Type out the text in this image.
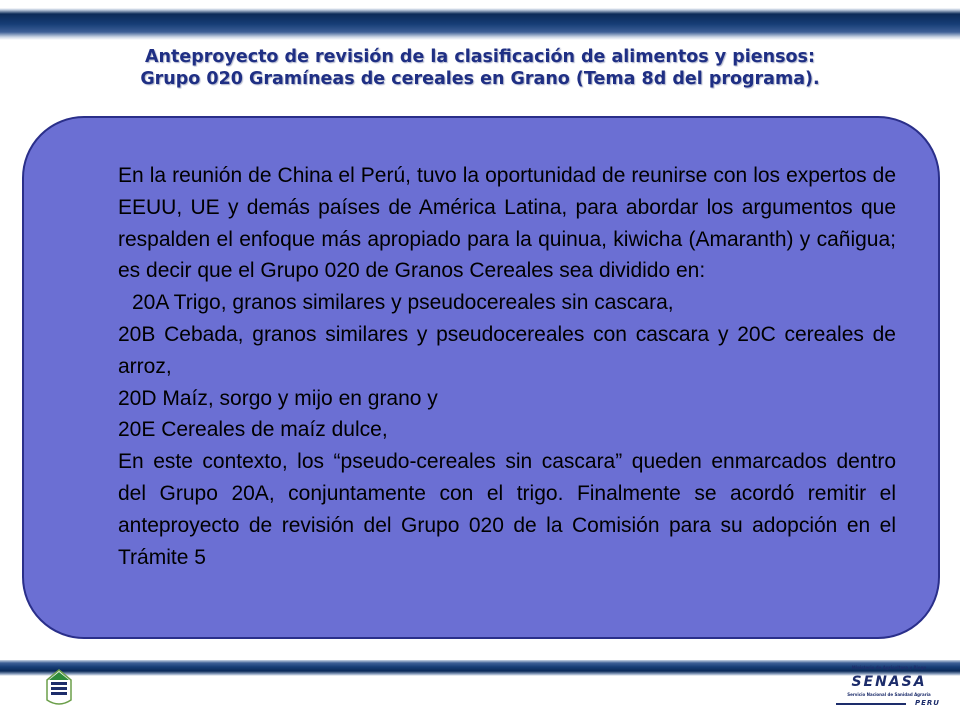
Anteproyecto de revisión de la clasificación de alimentos y piensos:
Grupo 020 Gramíneas de cereales en Grano (Tema 8d del programa).

En la reunión de China el Perú, tuvo la oportunidad de reunirse con los expertos de EEUU, UE y demás países de América Latina, para abordar los argumentos que respalden el enfoque más apropiado para la quinua, kiwicha (Amaranth) y cañigua; es decir que el Grupo 020 de Granos Cereales sea dividido en:

20A Trigo, granos similares y pseudocereales sin cascara,

20B Cebada, granos similares y pseudocereales con cascara y 20C cereales de arroz,

20D Maíz, sorgo y mijo en grano y

20E Cereales de maíz dulce,

En este contexto, los “pseudo-cereales sin cascara” queden enmarcados dentro del Grupo 20A, conjuntamente con el trigo. Finalmente se acordó remitir el anteproyecto de revisión del Grupo 020 de la Comisión para su adopción en el Trámite 5

Ministerio de Agricultura y Riego
SENASA
Servicio Nacional de Sanidad Agraria
PERU
